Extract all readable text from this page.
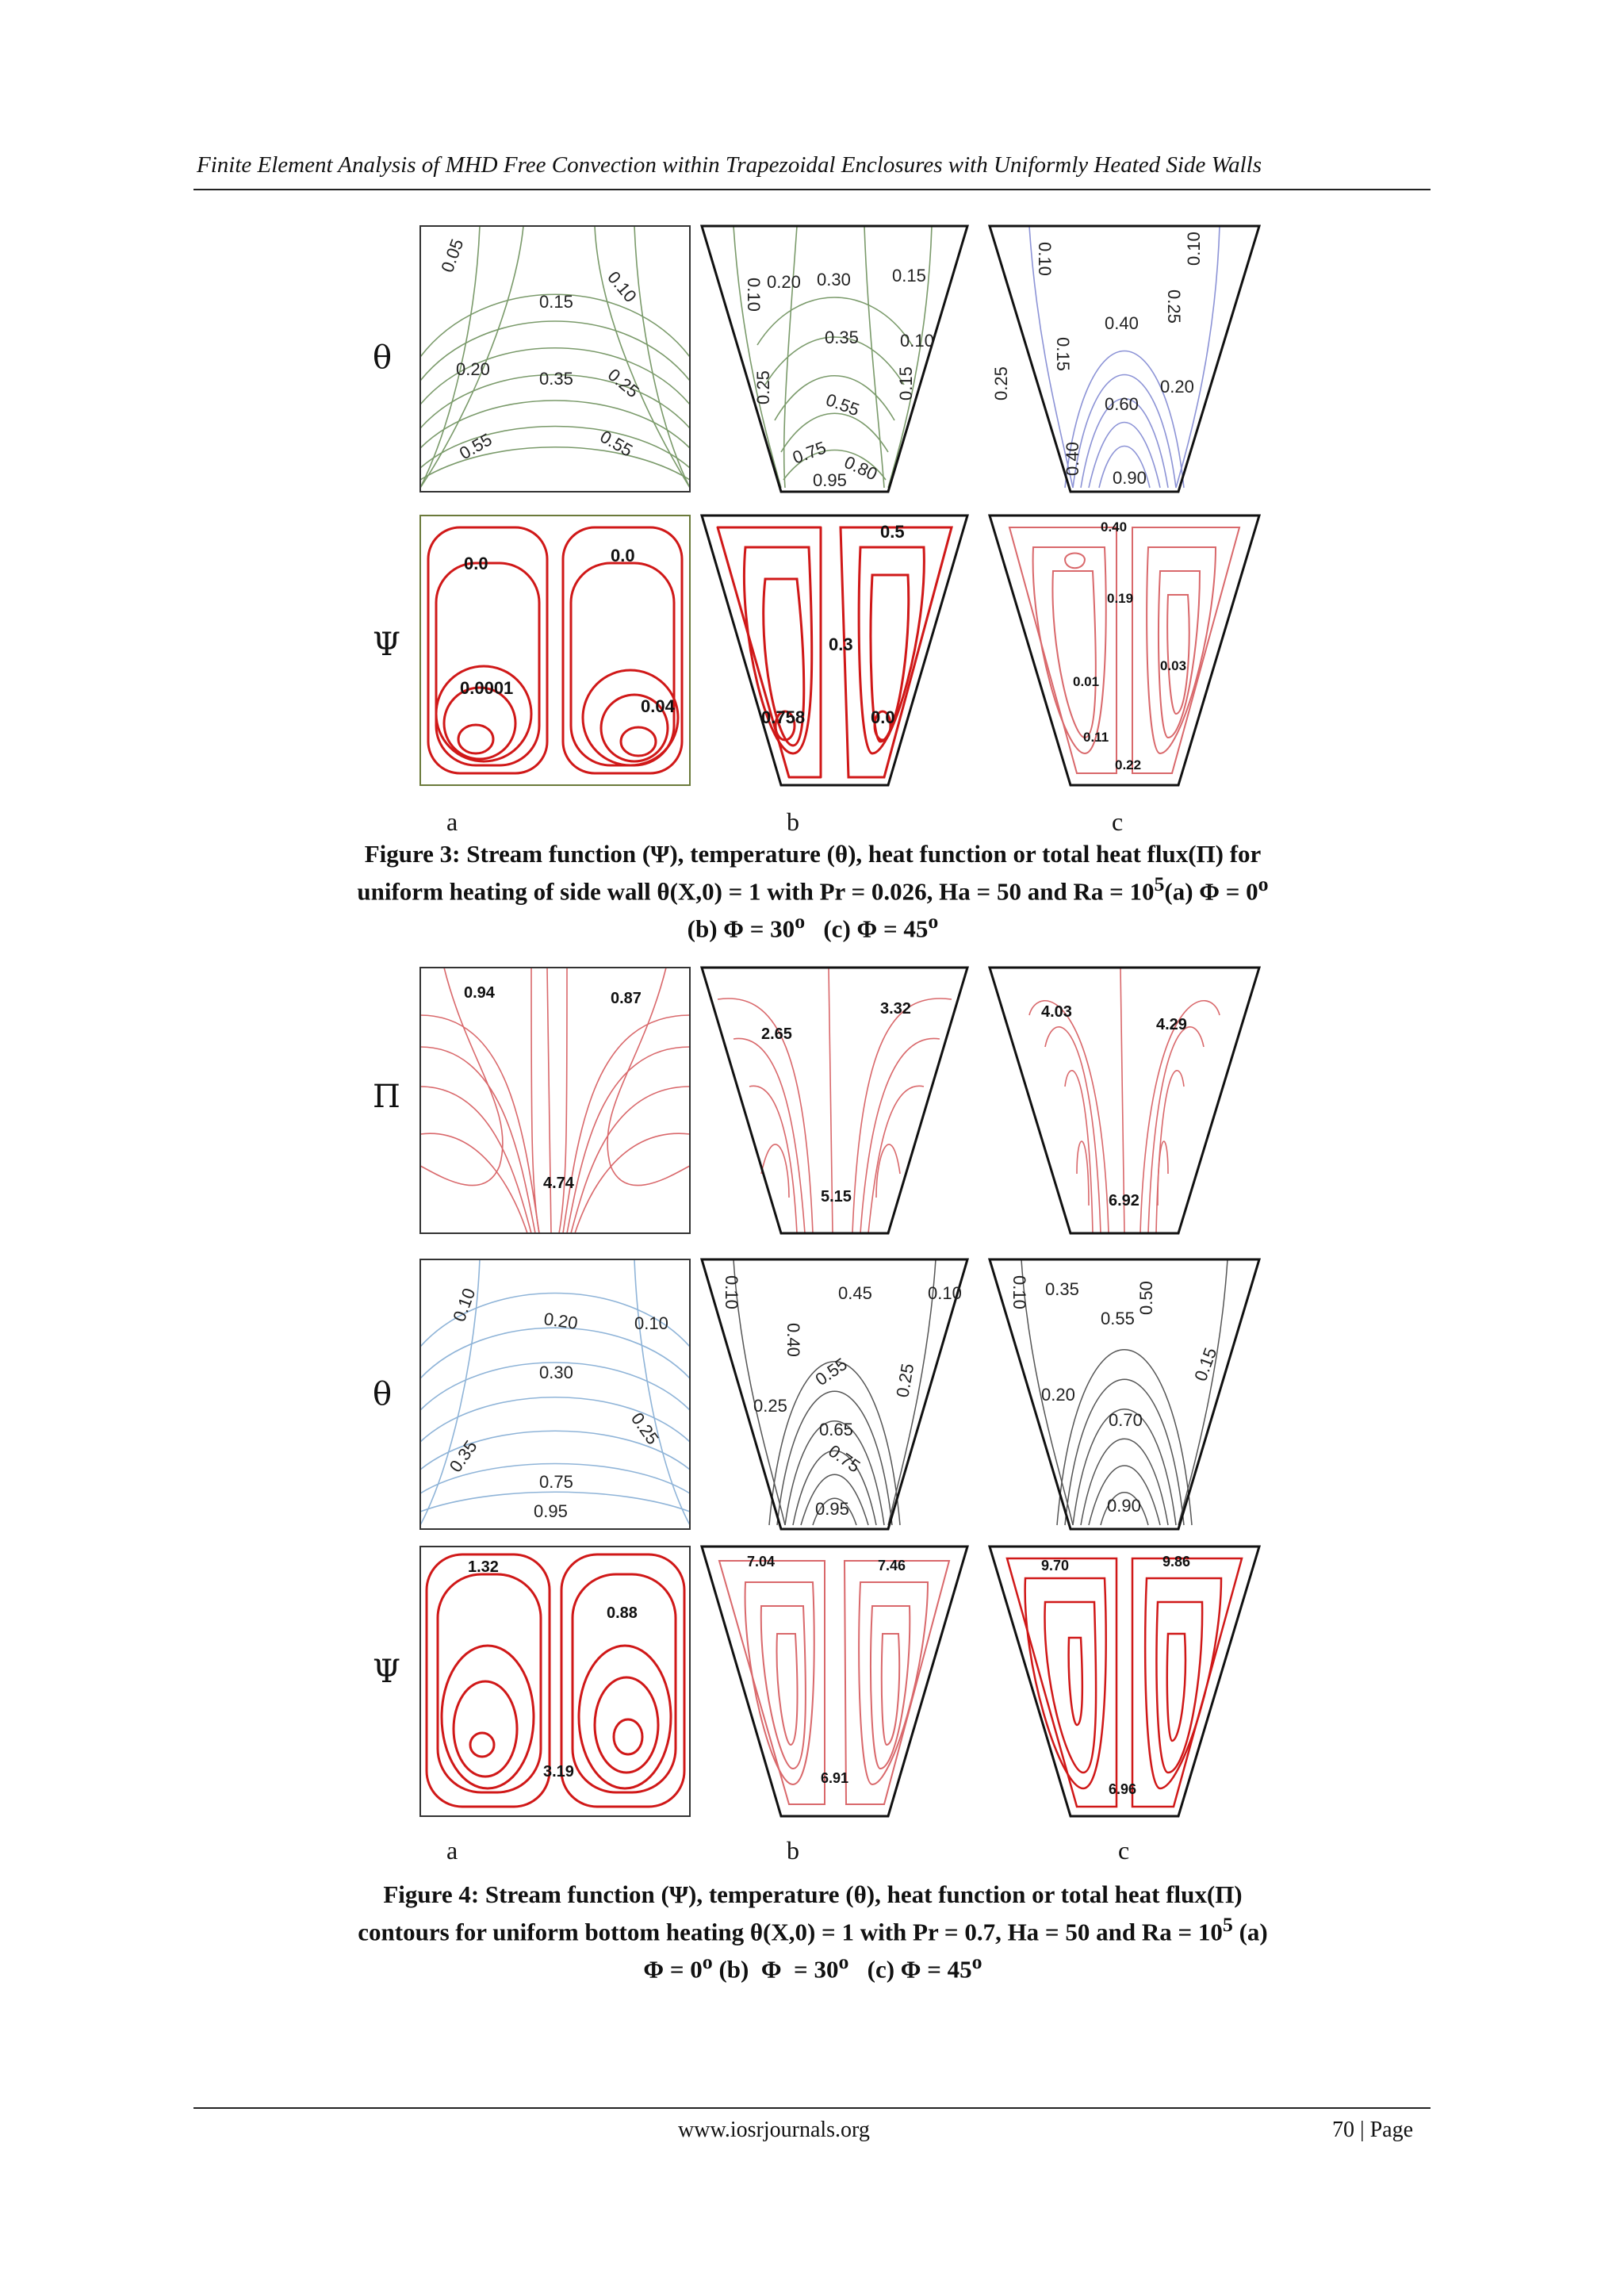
Finite Element Analysis of MHD Free Convection within Trapezoidal Enclosures with Uniformly Heated Side Walls
θ
Ψ
0.05
0.10
0.15
0.20	0.35 0.25
0.55	0.55
0.10
0.25
0.20 0.30 0.15
0.35 0.10
0.25
0.55
0.15
0.75 0.80
0.95
0.10
0.25
0.10
0.40
0.15
0.20
0.60
0.40
0.90
0.0	0.0
0.0001
0.04
0.5
0.3
0.758	0.0
0.40
0.19
0.01
0.03
0.11
0.22
a	b	c

Figure 3: Stream function (Ψ), temperature (θ), heat function or total heat flux(Π) for

uniform heating of side wall θ(X,0) = 1 with Pr = 0.026, Ha = 50 and $Ra = 10^5(a) \Phi = 0^o$

(b) $\Phi = 30^o$   (c) $\Phi = 45^o$

Π
θ
Ψ
0.94	0.87
4.74
3.32
2.65
5.15
4.03
4.29
6.92
0.10	0.20	0.10
0.30
0.35
0.25
0.75
0.95
0.10	0.45	0.10
0.40
0.55 0.25
0.25
0.65
0.75
0.95
0.10 0.35	0.50
0.55
0.15
0.20
0.70
0.90
1.32
0.88
3.19
7.04	7.46
6.91
9.70	9.86
6.96
a	b	c

Figure 4: Stream function (Ψ), temperature (θ), heat function or total heat flux(Π)

contours for uniform bottom heating θ(X,0) = 1 with Pr = 0.7, Ha = 50 and $Ra = 10^5$ (a)

$\Phi = 0^o$ (b)  $\Phi = 30^o$   (c) $\Phi = 45^o$

www.iosrjournals.org	70 | Page
